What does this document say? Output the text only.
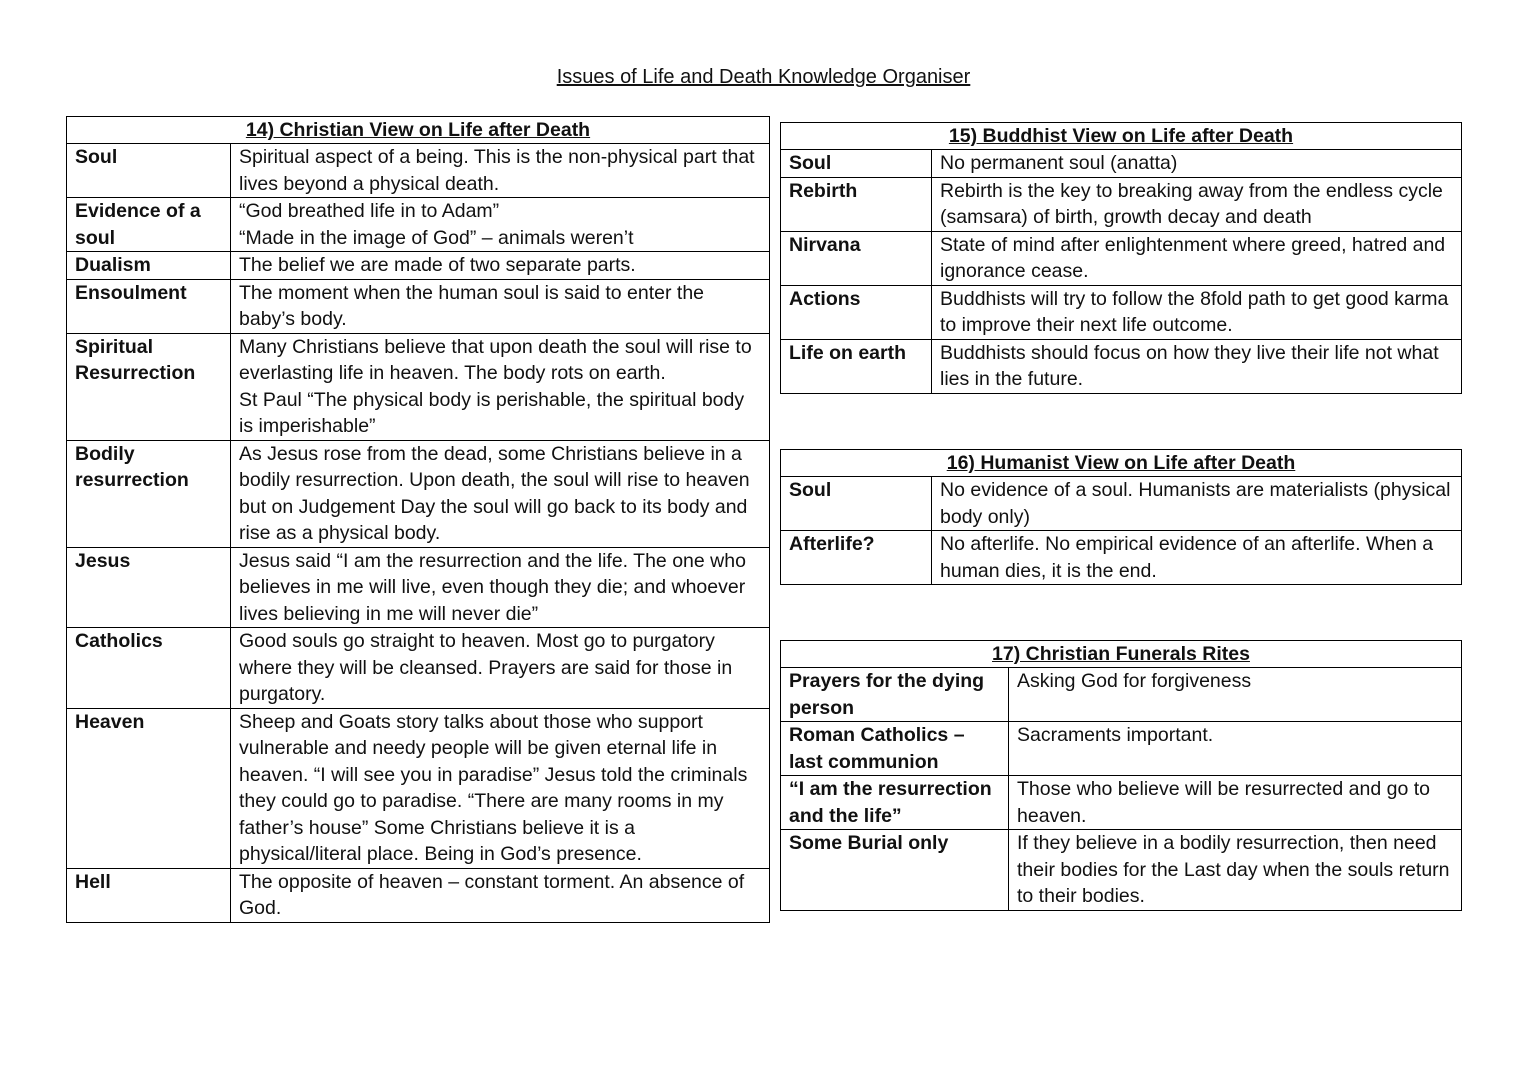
Issues of Life and Death Knowledge Organiser
14) Christian View on Life after Death	
Soul	Spiritual aspect of a being. This is the non-physical part that lives beyond a physical death.

Evidence of a soul	“God breathed life in to Adam”
“Made in the image of God” – animals weren’t

Dualism	The belief we are made of two separate parts.

Ensoulment	The moment when the human soul is said to enter the baby’s body.

Spiritual Resurrection	Many Christians believe that upon death the soul will rise to everlasting life in heaven. The body rots on earth.
St Paul “The physical body is perishable, the spiritual body is imperishable”

Bodily resurrection	As Jesus rose from the dead, some Christians believe in a bodily resurrection. Upon death, the soul will rise to heaven but on Judgement Day the soul will go back to its body and rise as a physical body.

Jesus	Jesus said “I am the resurrection and the life. The one who believes in me will live, even though they die; and whoever lives believing in me will never die”

Catholics	Good souls go straight to heaven. Most go to purgatory where they will be cleansed. Prayers are said for those in purgatory.

Heaven	Sheep and Goats story talks about those who support vulnerable and needy people will be given eternal life in heaven. “I will see you in paradise” Jesus told the criminals they could go to paradise. “There are many rooms in my father’s house” Some Christians believe it is a physical/literal place. Being in God’s presence.

Hell	The opposite of heaven – constant torment. An absence of God.
15) Buddhist View on Life after Death	
Soul	No permanent soul (anatta)

Rebirth	Rebirth is the key to breaking away from the endless cycle (samsara) of birth, growth decay and death

Nirvana	State of mind after enlightenment where greed, hatred and ignorance cease.

Actions	Buddhists will try to follow the 8fold path to get good karma to improve their next life outcome.

Life on earth	Buddhists should focus on how they live their life not what lies in the future.
16) Humanist View on Life after Death	
Soul	No evidence of a soul. Humanists are materialists (physical body only)

Afterlife?	No afterlife. No empirical evidence of an afterlife. When a human dies, it is the end.
17) Christian Funerals Rites	
Prayers for the dying person	Asking God for forgiveness

Roman Catholics – last communion	Sacraments important.

“I am the resurrection and the life”	Those who believe will be resurrected and go to heaven.

Some Burial only	If they believe in a bodily resurrection, then need their bodies for the Last day when the souls return to their bodies.
